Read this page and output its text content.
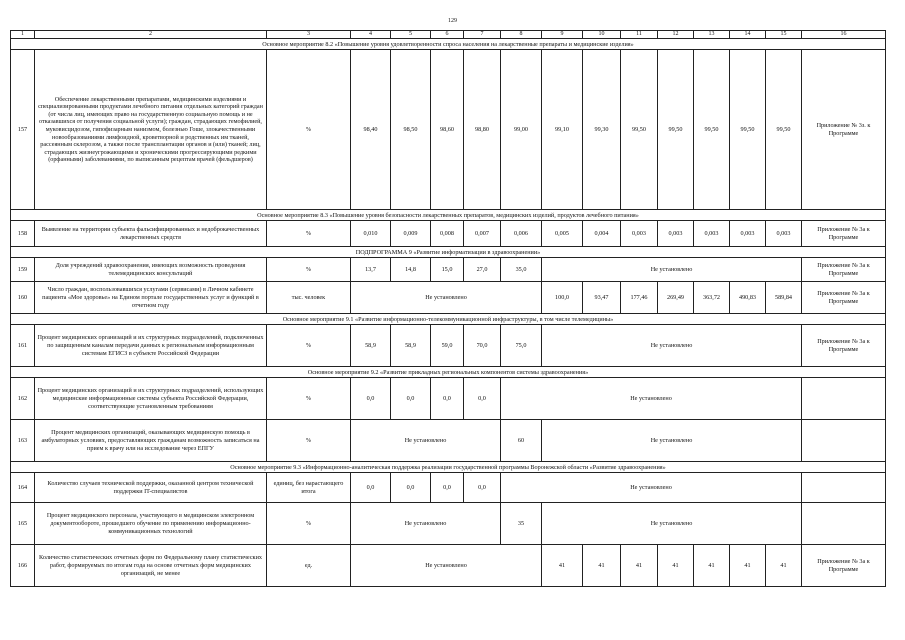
129
1	2	3	4	5	6	7	8	9	10	11	12	13	14	15	16
Основное мероприятие 8.2 «Повышение уровня удовлетворенности спроса населения на лекарственные препараты и медицинские изделия»															
157	Обеспечение лекарственными препаратами, медицинскими изделиями и специализированными продуктами лечебного питания отдельных категорий граждан (от числа лиц, имеющих право на государственную социальную помощь и не отказавшихся от получения социальной услуги); граждан, страдающих гемофилией, муковисцидозом, гипофизарным нанизмом, болезнью Гоше, злокачественными новообразованиями лимфоидной, кроветворной и родственных им тканей, рассеянным склерозом, а также после трансплантации органов и (или) тканей; лиц, страдающих жизнеугрожающими и хроническими прогрессирующими редкими (орфанными) заболеваниями, по выписанным рецептам врачей (фельдшеров)	%	98,40	98,50	98,60	98,80	99,00	99,10	99,30	99,50	99,50	99,50	99,50	99,50	Приложение № 3з. к Программе
Основное мероприятие 8.3 «Повышение уровня безопасности лекарственных препаратов, медицинских изделий, продуктов лечебного питания»															
158	Выявление на территории субъекта фальсифицированных и недоброкачественных лекарственных средств	%	0,010	0,009	0,008	0,007	0,006	0,005	0,004	0,003	0,003	0,003	0,003	0,003	Приложение № 3а к Программе
ПОДПРОГРАММА 9 «Развитие информатизации в здравоохранении»															
159	Доля учреждений здравоохранения, имеющих возможность проведения телемедицинских консультаций	%	13,7	14,8	15,0	27,0	35,0	Не установлено							Приложение № 3а к Программе
160	Число граждан, воспользовавшихся услугами (сервисами) в Личном кабинете пациента «Мое здоровье» на Едином портале государственных услуг и функций в отчетном году	тыс. человек	Не установлено					100,0	93,47	177,46	269,49	363,72	490,83	589,84	Приложение № 3а к Программе
Основное мероприятие 9.1 «Развитие информационно-телекоммуникационной инфраструктуры, в том числе телемедицины»															
161	Процент медицинских организаций и их структурных подразделений, подключенных по защищенным каналам передачи данных к региональным информационным системам ЕГИСЗ в субъекте Российской Федерации	%	58,9	58,9	59,0	70,0	75,0	Не установлено							Приложение № 3а к Программе
Основное мероприятие 9.2 «Развитие прикладных региональных компонентов системы здравоохранения»															
162	Процент медицинских организаций и их структурных подразделений, использующих медицинские информационные системы субъекта Российской Федерации, соответствующие установленным требованиям	%	0,0	0,0	0,0	0,0	Не установлено								
163	Процент медицинских организаций, оказывающих медицинскую помощь в амбулаторных условиях, предоставляющих гражданам возможность записаться на прием к врачу или на исследование через ЕПГУ	%	Не установлено				60	Не установлено							
Основное мероприятие 9.3 «Информационно-аналитическая поддержка реализации государственной программы Воронежской области «Развитие здравоохранения»															
164	Количество случаев технической поддержки, оказанной центром технической поддержки IT-специалистов	единиц, без нарастающего итога	0,0	0,0	0,0	0,0	Не установлено								
165	Процент медицинского персонала, участвующего в медицинском электронном документообороте, прошедшего обучение по применению информационно-коммуникационных технологий	%	Не установлено				35	Не установлено							
166	Количество статистических отчетных форм по Федеральному плану статистических работ, формируемых по итогам года на основе отчетных форм медицинских организаций, не менее	ед.	Не установлено					41	41	41	41	41	41	41	Приложение № 3а к Программе
